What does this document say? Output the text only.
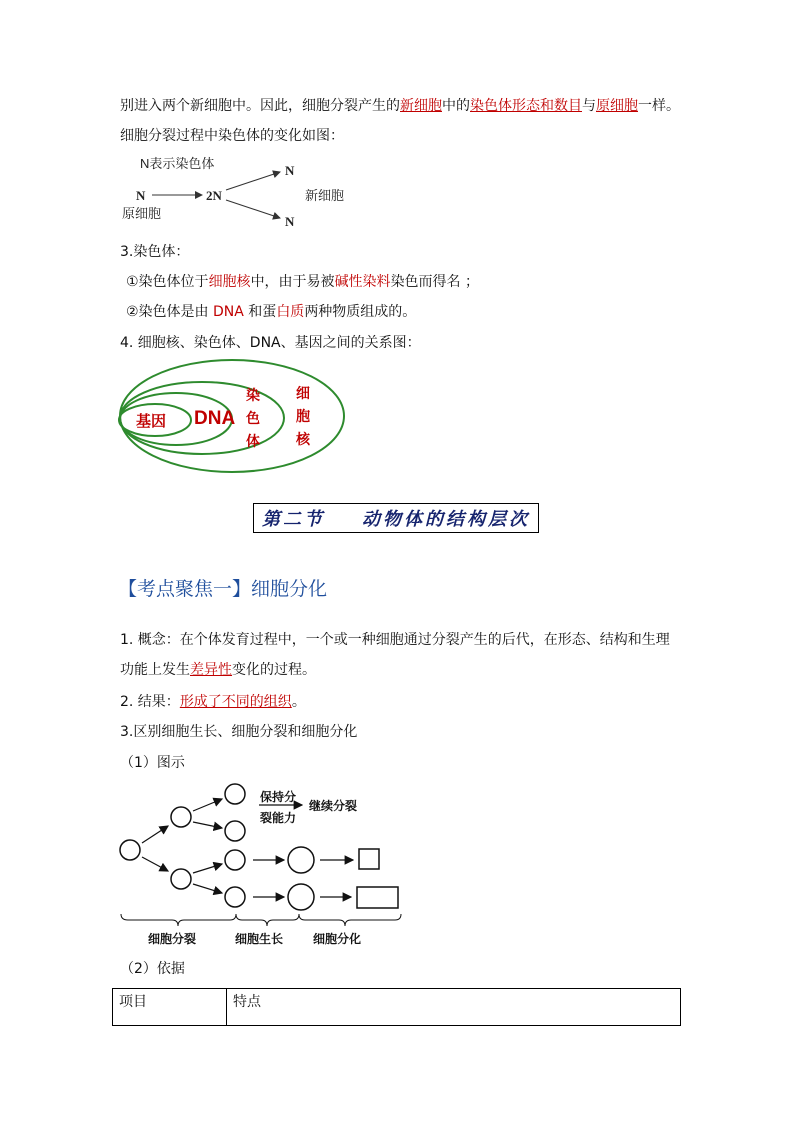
别进入两个新细胞中。因此，细胞分裂产生的新细胞中的染色体形态和数目与原细胞一样。
细胞分裂过程中染色体的变化如图：
N表示染色体
N	2N
N
N
原细胞
新细胞
3.染色体：
①染色体位于细胞核中，由于易被碱性染料染色而得名 ；
②染色体是由 DNA 和蛋白质两种物质组成的。
4. 细胞核、染色体、DNA、基因之间的关系图：
基因 DNA
染
色
体
细
胞
核
第二节    动物体的结构层次
【考点聚焦一】细胞分化
1. 概念：在个体发育过程中，一个或一种细胞通过分裂产生的后代，在形态、结构和生理
功能上发生差异性变化的过程。
2. 结果：形成了不同的组织。
3.区别细胞生长、细胞分裂和细胞分化
（1）图示
保持分
裂能力
继续分裂
细胞分裂	细胞生长 细胞分化
（2）依据
项目	特点
